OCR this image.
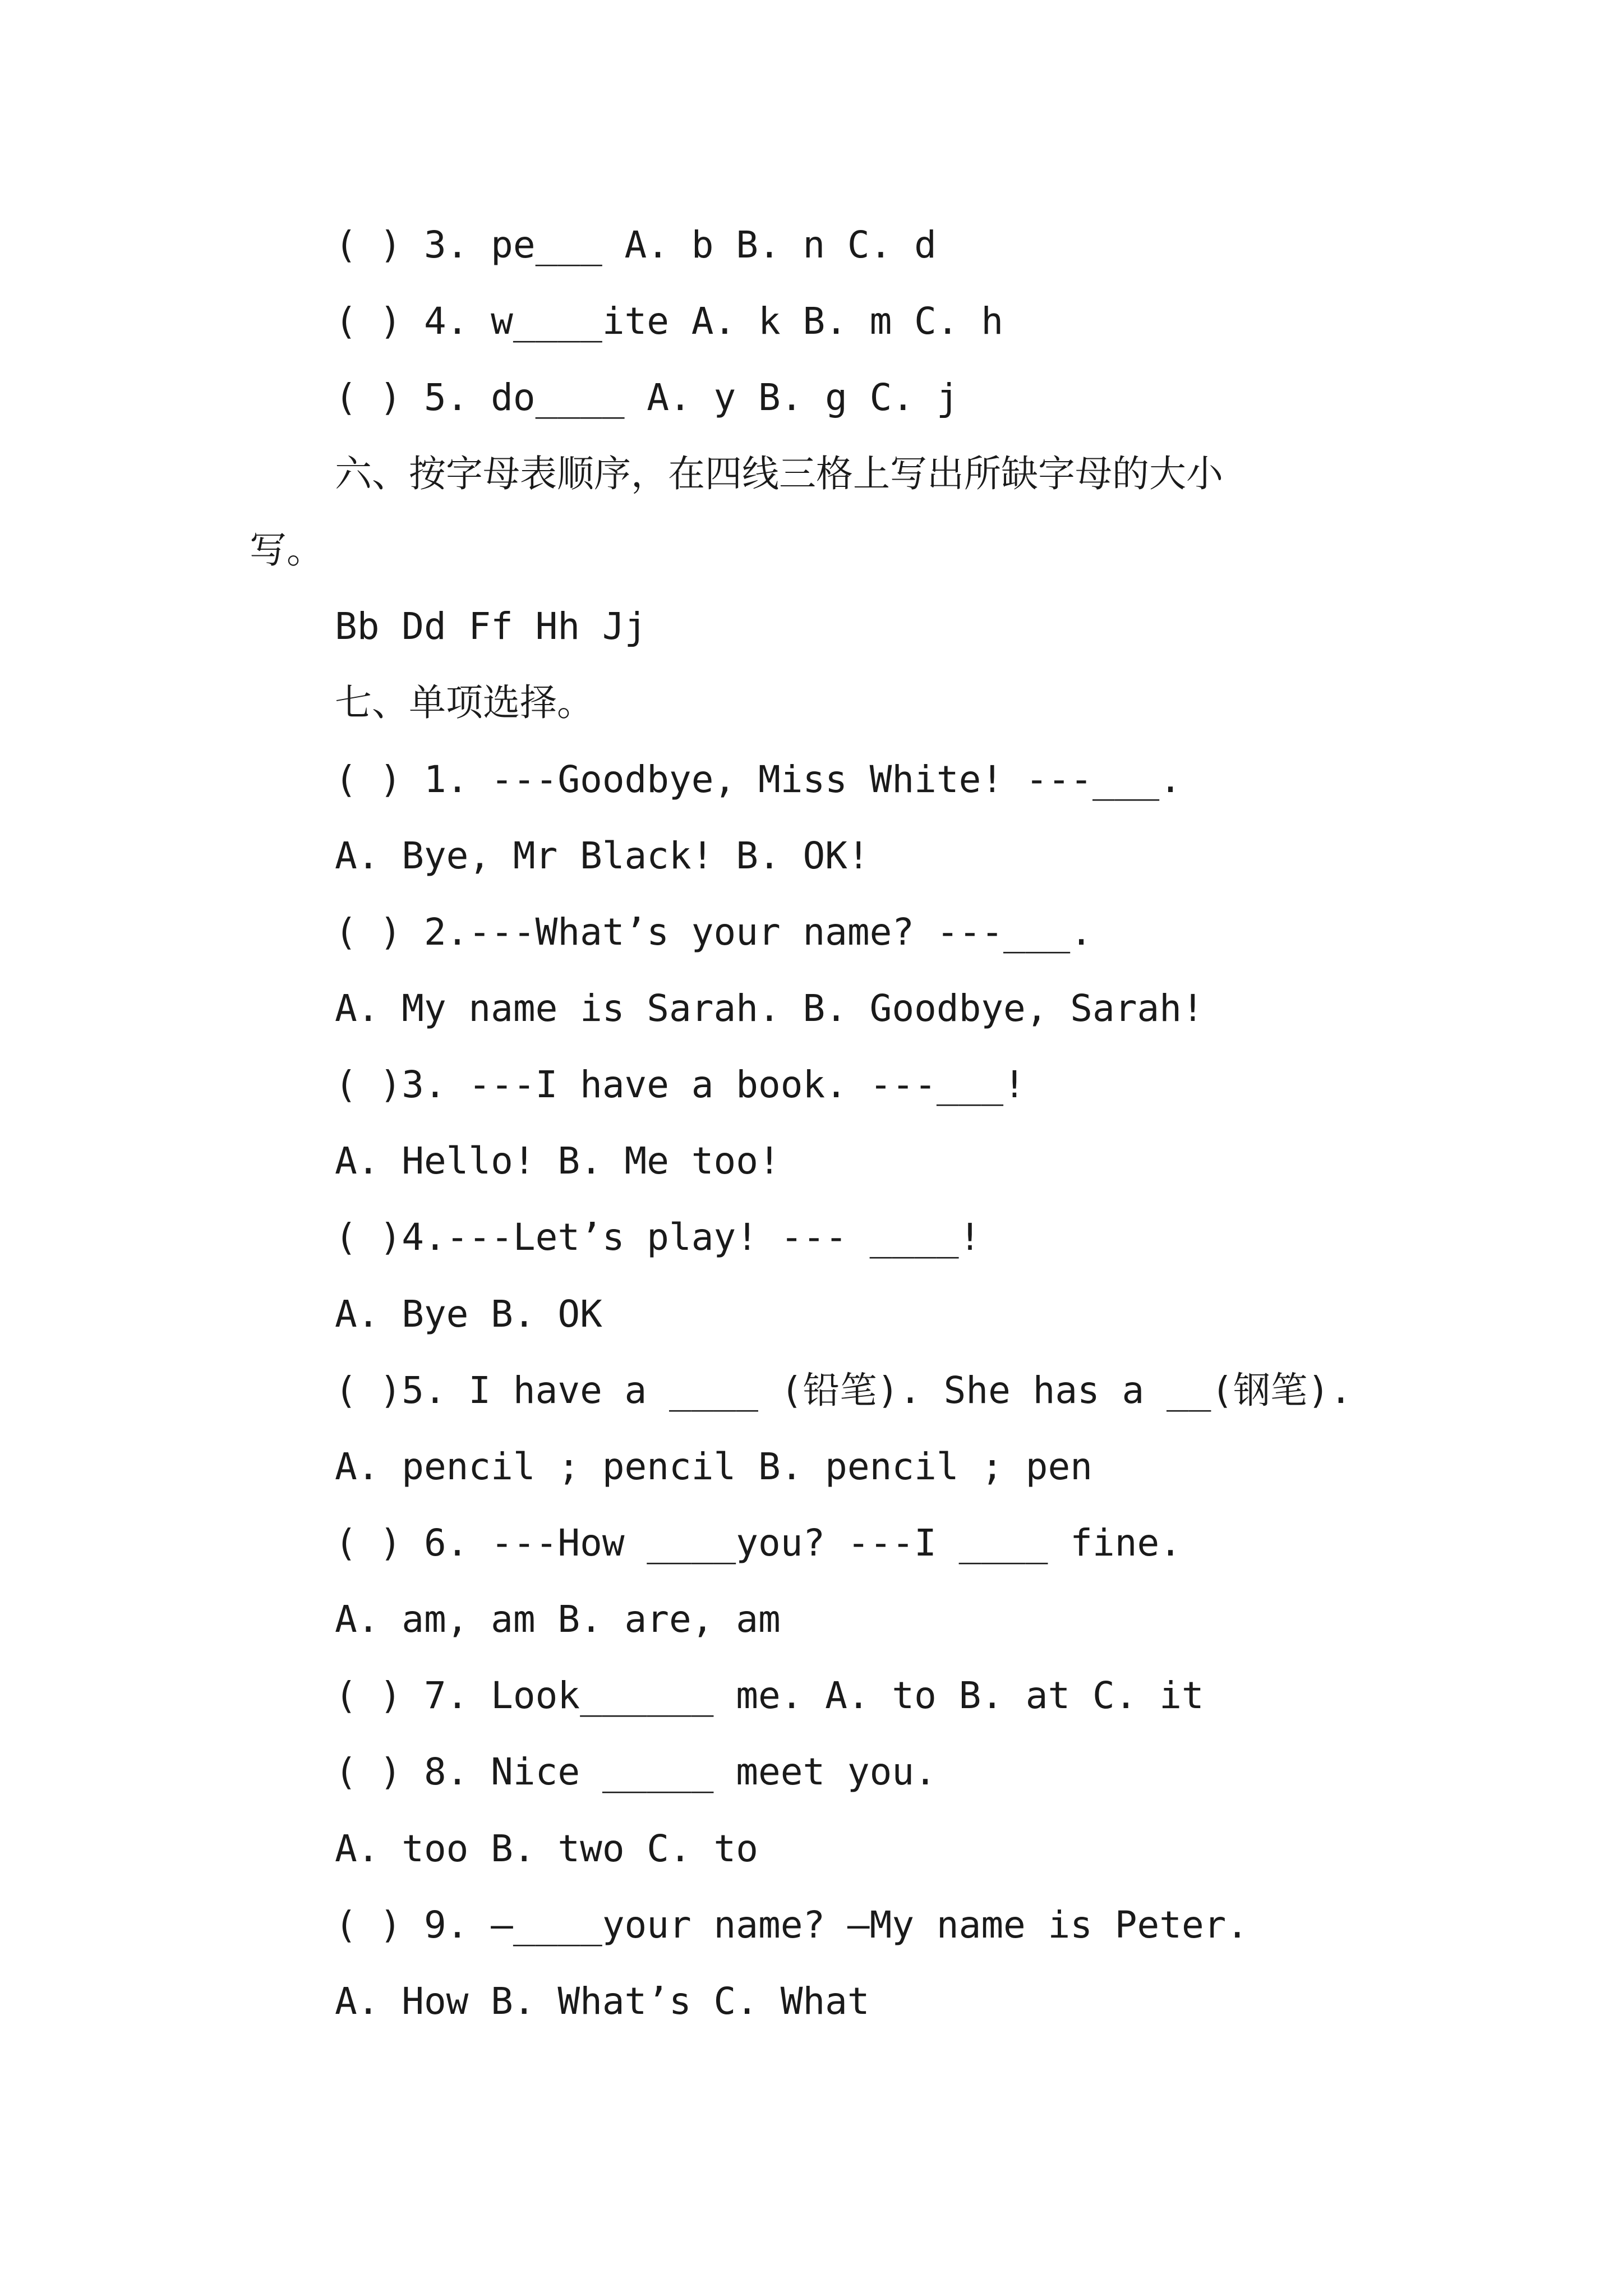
( ) 3. pe___ A. b B. n C. d
( ) 4. w____ite A. k B. m C. h
( ) 5. do____ A. y B. g C. j
六、按字母表顺序，在四线三格上写出所缺字母的大小
写。
Bb Dd Ff Hh Jj
七、单项选择。
( ) 1. ---Goodbye, Miss White! ---___.
A. Bye, Mr Black! B. OK!
( ) 2.---What’s your name? ---___.
A. My name is Sarah. B. Goodbye, Sarah!
( )3. ---I have a book. ---___!
A. Hello! B. Me too!
( )4.---Let’s play! --- ____!
A. Bye B. OK
( )5. I have a ____ (铅笔). She has a __(钢笔).
A. pencil ; pencil B. pencil ; pen
( ) 6. ---How ____you? ---I ____ fine.
A. am, am B. are, am
( ) 7. Look______ me. A. to B. at C. it
( ) 8. Nice _____ meet you.
A. too B. two C. to
( ) 9. —____your name? —My name is Peter.
A. How B. What’s C. What
